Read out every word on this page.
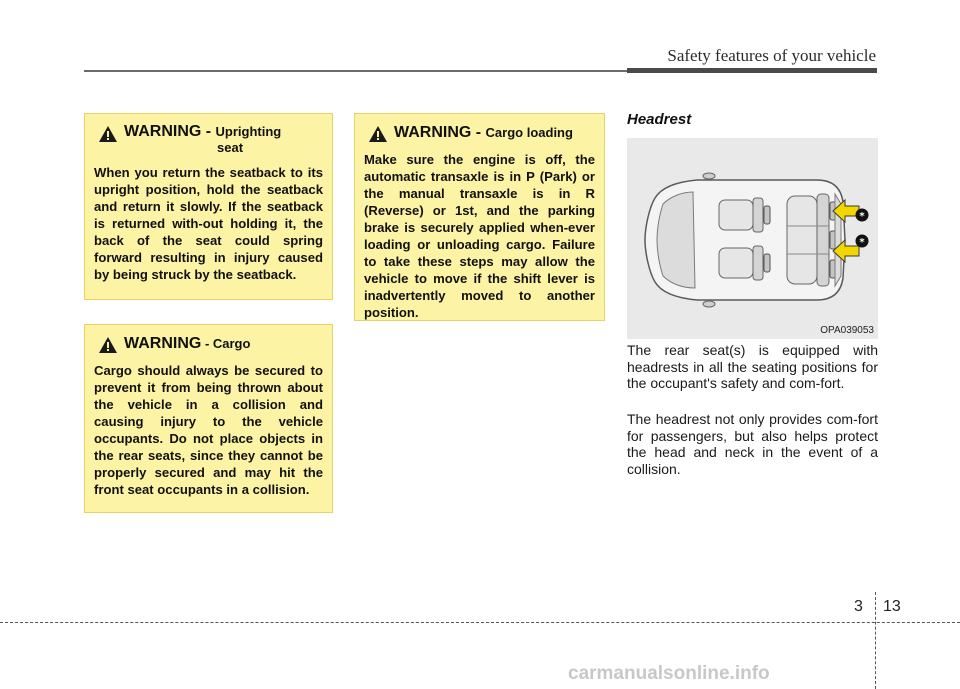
Safety features of your vehicle
WARNING - Uprighting
seat
When you return the seatback to its upright position, hold the seatback and return it slowly. If the seatback is returned with-out holding it, the back of the seat could spring forward resulting in injury caused by being struck by the seatback.
WARNING - Cargo
Cargo should always be secured to prevent it from being thrown about the vehicle in a collision and causing injury to the vehicle occupants. Do not place objects in the rear seats, since they cannot be properly secured and may hit the front seat occupants in a collision.
WARNING - Cargo loading
Make sure the engine is off, the automatic transaxle is in P (Park) or the manual transaxle is in R (Reverse) or 1st, and the parking brake is securely applied when-ever loading or unloading cargo. Failure to take these steps may allow the vehicle to move if the shift lever is inadvertently moved to another position.
Headrest
*
*
OPA039053
The rear seat(s) is equipped with headrests in all the seating positions for the occupant's safety and com-fort.
The headrest not only provides com-fort for passengers, but also helps protect the head and neck in the event of a collision.
3 13
carmanualsonline.info
